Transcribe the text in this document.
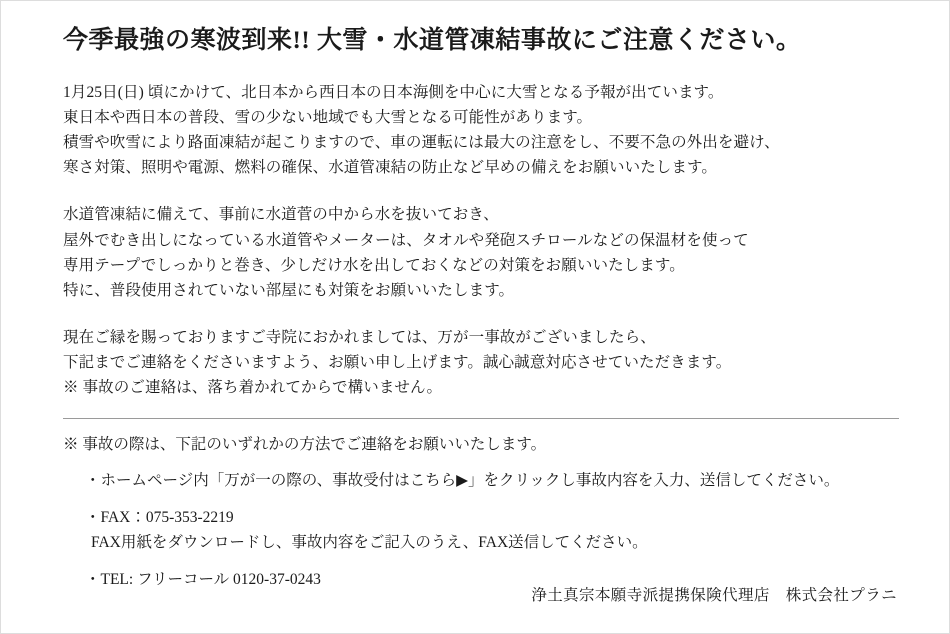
今季最強の寒波到来!! 大雪・水道管凍結事故にご注意ください。
1月25日(日) 頃にかけて、北日本から西日本の日本海側を中心に大雪となる予報が出ています。
東日本や西日本の普段、雪の少ない地域でも大雪となる可能性があります。
積雪や吹雪により路面凍結が起こりますので、車の運転には最大の注意をし、不要不急の外出を避け、
寒さ対策、照明や電源、燃料の確保、水道管凍結の防止など早めの備えをお願いいたします。
水道管凍結に備えて、事前に水道菅の中から水を抜いておき、
屋外でむき出しになっている水道管やメーターは、タオルや発砲スチロールなどの保温材を使って
専用テープでしっかりと巻き、少しだけ水を出しておくなどの対策をお願いいたします。
特に、普段使用されていない部屋にも対策をお願いいたします。
現在ご縁を賜っておりますご寺院におかれましては、万が一事故がございましたら、
下記までご連絡をくださいますよう、お願い申し上げます。誠心誠意対応させていただきます。
※ 事故のご連絡は、落ち着かれてからで構いません。
※ 事故の際は、下記のいずれかの方法でご連絡をお願いいたします。
・ホームページ内「万が一の際の、事故受付はこちら▶」をクリックし事故内容を入力、送信してください。
・FAX：075-353-2219
FAX用紙をダウンロードし、事故内容をご記入のうえ、FAX送信してください。
・TEL: フリーコール 0120-37-0243
浄土真宗本願寺派提携保険代理店　株式会社プラニ
